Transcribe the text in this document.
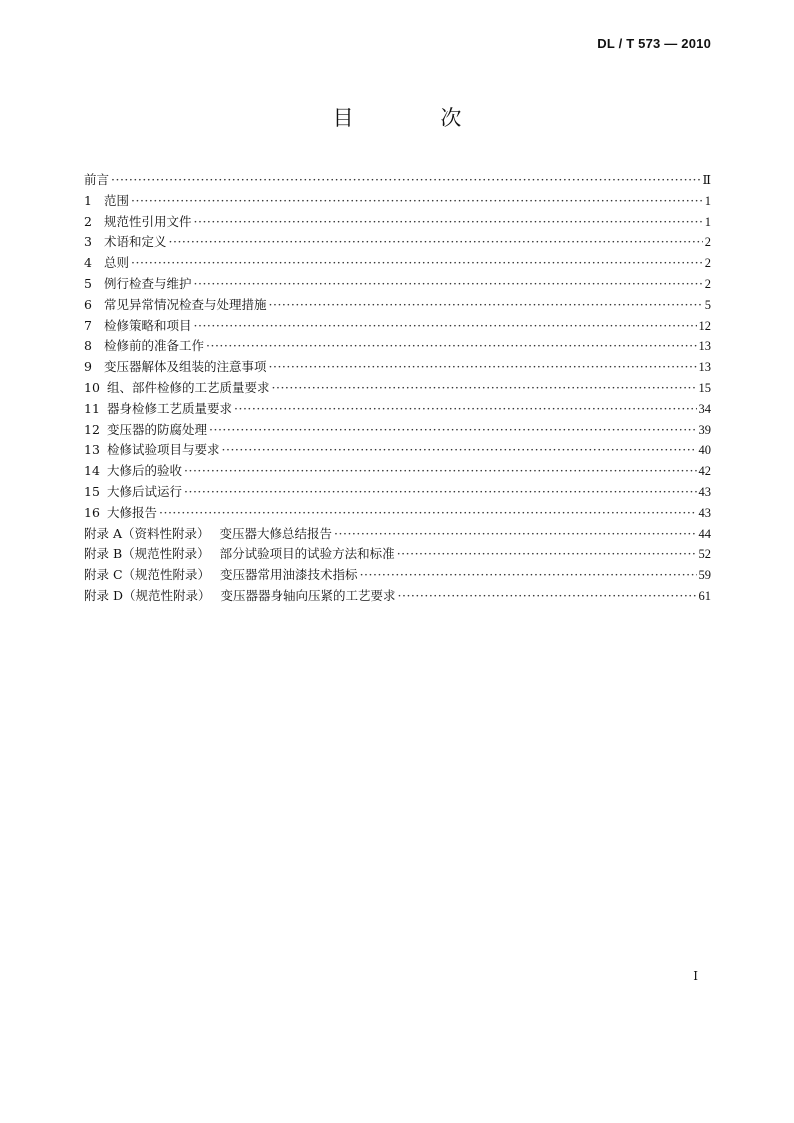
DL / T 573 — 2010
目 次
前言 ·····	Ⅱ
1 范围 ·····	1
2 规范性引用文件 ·····	1
3 术语和定义 ·····	2
4 总则 ·····	2
5 例行检查与维护 ·····	2
6 常见异常情况检查与处理措施 ·····	5
7 检修策略和项目 ·····	12
8 检修前的准备工作 ·····	13
9 变压器解体及组装的注意事项 ·····	13
10 组、部件检修的工艺质量要求 ·····	15
11 器身检修工艺质量要求 ·····	34
12 变压器的防腐处理 ·····	39
13 检修试验项目与要求 ·····	40
14 大修后的验收 ·····	42
15 大修后试运行 ·····	43
16 大修报告 ·····	43
附录 A（资料性附录） 变压器大修总结报告 ·····	44
附录 B（规范性附录） 部分试验项目的试验方法和标准 ·····	52
附录 C（规范性附录） 变压器常用油漆技术指标 ·····	59
附录 D（规范性附录） 变压器器身轴向压紧的工艺要求 ·····	61
I
